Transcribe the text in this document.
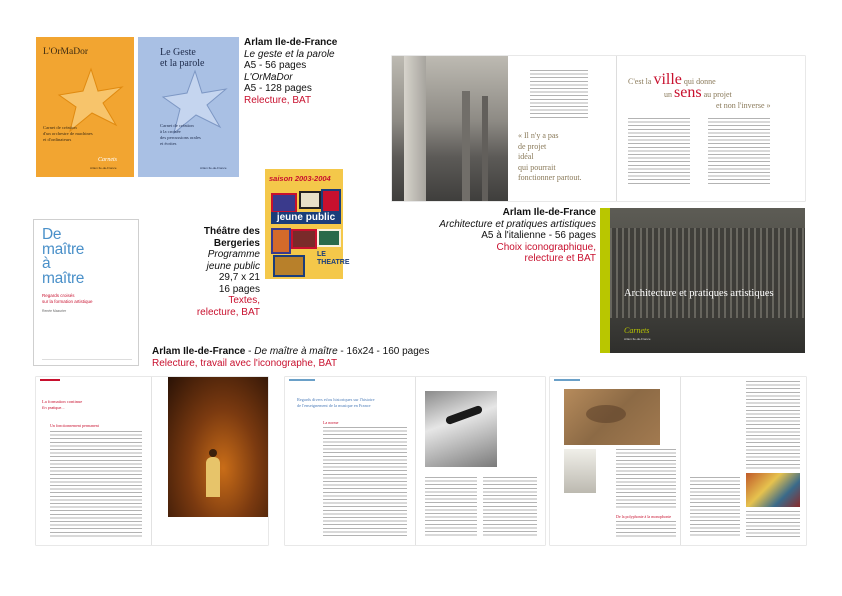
L'OrMaDor
Carnet de création
d'un orchestre de machines
et d'ordinateurs
Carnets
Arlam Ile-de-France
Le Geste
et la parole
Carnet de création
à la croisée
des percussions orales
et écrites
Arlam Ile-de-France
Arlam Ile-de-France
Le geste et la parole
A5 - 56 pages
L'OrMaDor
A5 - 128 pages
Relecture, BAT
De
maître
à
maître
Regards croisés
sur la formation artistique
Renée Mazurier
saison 2003-2004
jeune public
LE
THEATRE
Théâtre des
Bergeries
Programme
jeune public
29,7 x 21
16 pages
Textes,
relecture, BAT
« Il n'y a pas
de projet
idéal
qui pourrait
fonctionner partout.
C'est la ville qui donne
un sens au projet
et non l'inverse »
Arlam Ile-de-France
Architecture et pratiques artistiques
A5 à l'italienne - 56 pages
Choix iconographique,
relecture et BAT
Architecture et pratiques artistiques
Carnets
Arlam Ile-de-France
Arlam Ile-de-France - De maître à maître - 16x24 - 160 pages
Relecture, travail avec l'iconographe, BAT
La formation continue
En pratique...
Un fonctionnement permanent
Regards divers et/ou historiques sur l'histoire
de l'enseignement de la musique en France
La norme
De la polyphonie à la monophonie
